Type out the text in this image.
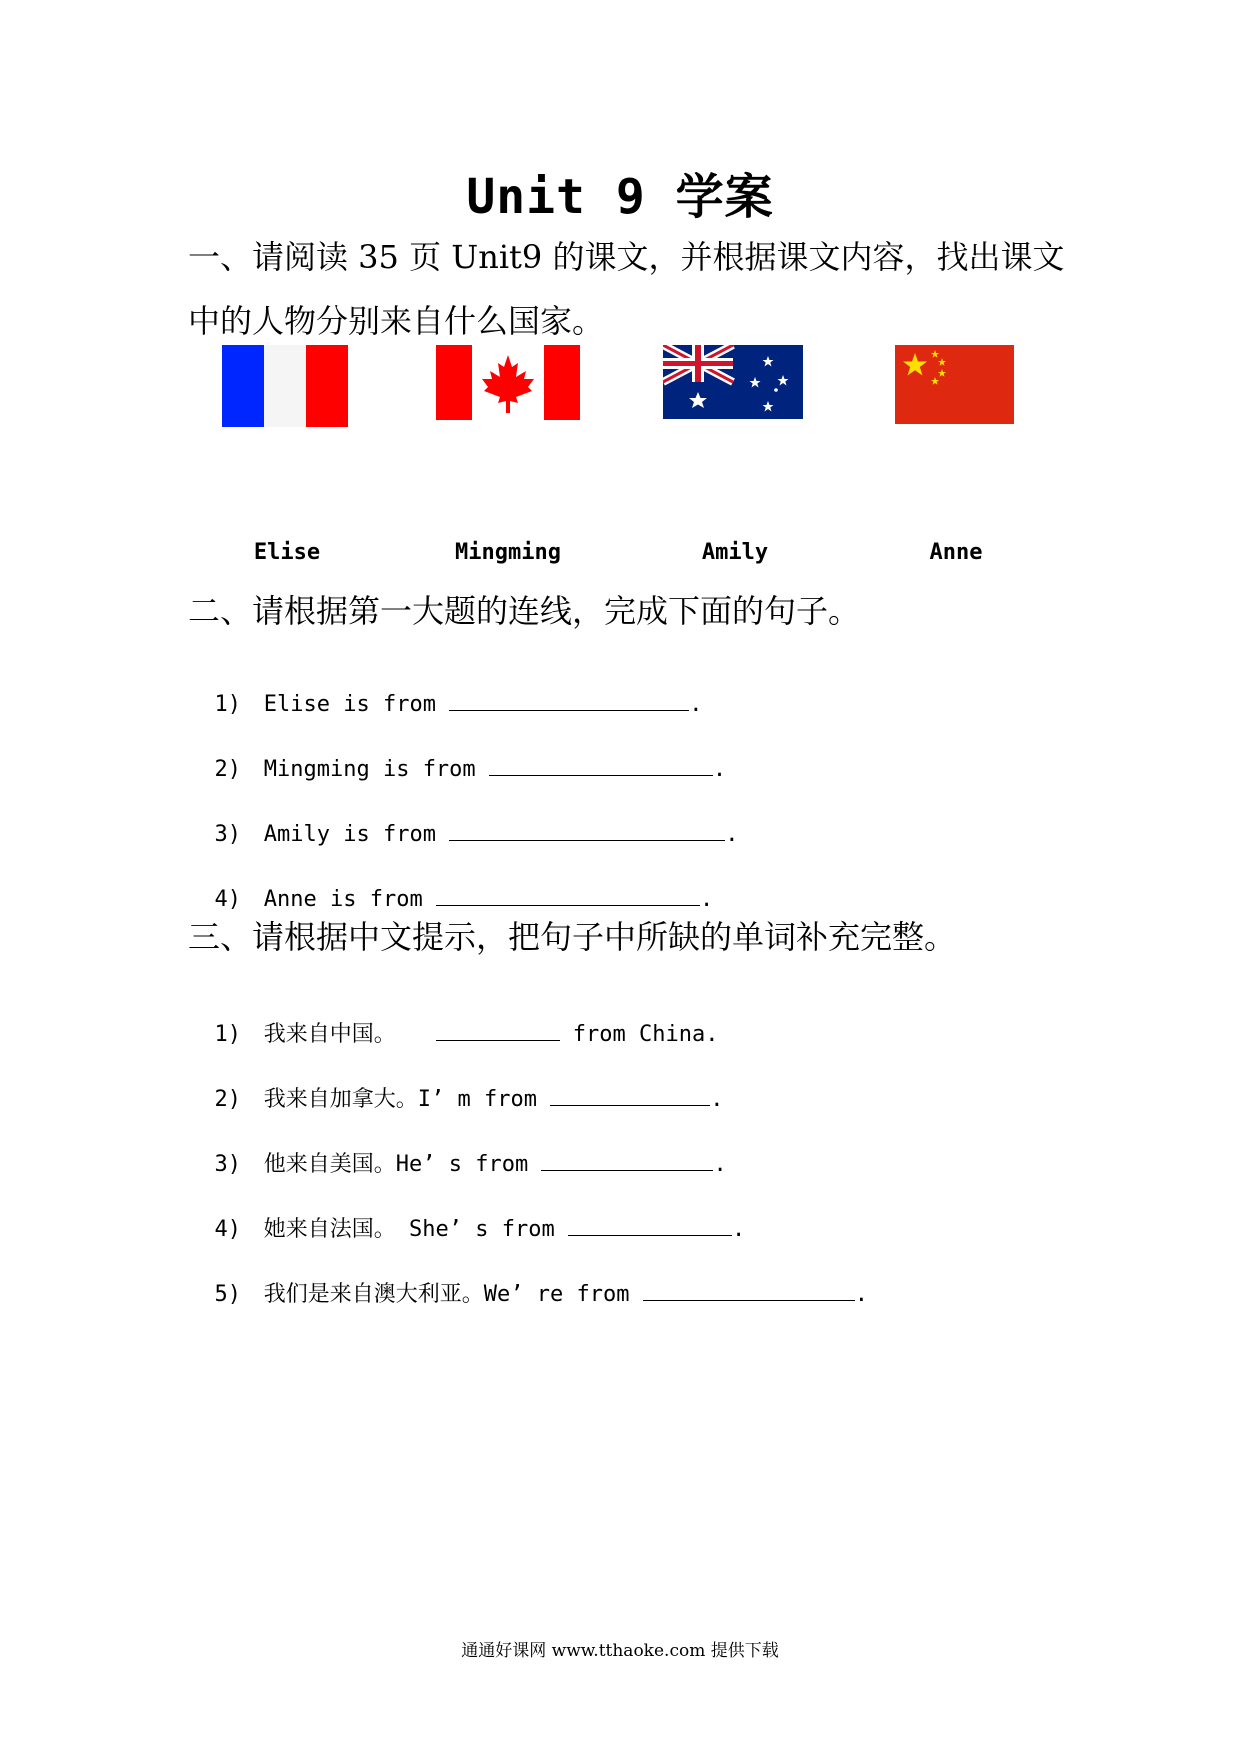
Unit 9 学案
一、请阅读 35 页 Unit9 的课文，并根据课文内容，找出课文中的人物分别来自什么国家。
Elise	Mingming	Amily	Anne
二、请根据第一大题的连线，完成下面的句子。

1) Elise is from	.

2) Mingming is from	.

3) Amily is from	.

4) Anne is from	.

三、请根据中文提示，把句子中所缺的单词补充完整。

1) 我来自中国。	from China.

2) 我来自加拿大。I’ m from	.

3) 他来自美国。He’ s from	.

4) 她来自法国。 She’ s from	.

5) 我们是来自澳大利亚。We’ re from	.

通通好课网 www.tthaoke.com 提供下载
